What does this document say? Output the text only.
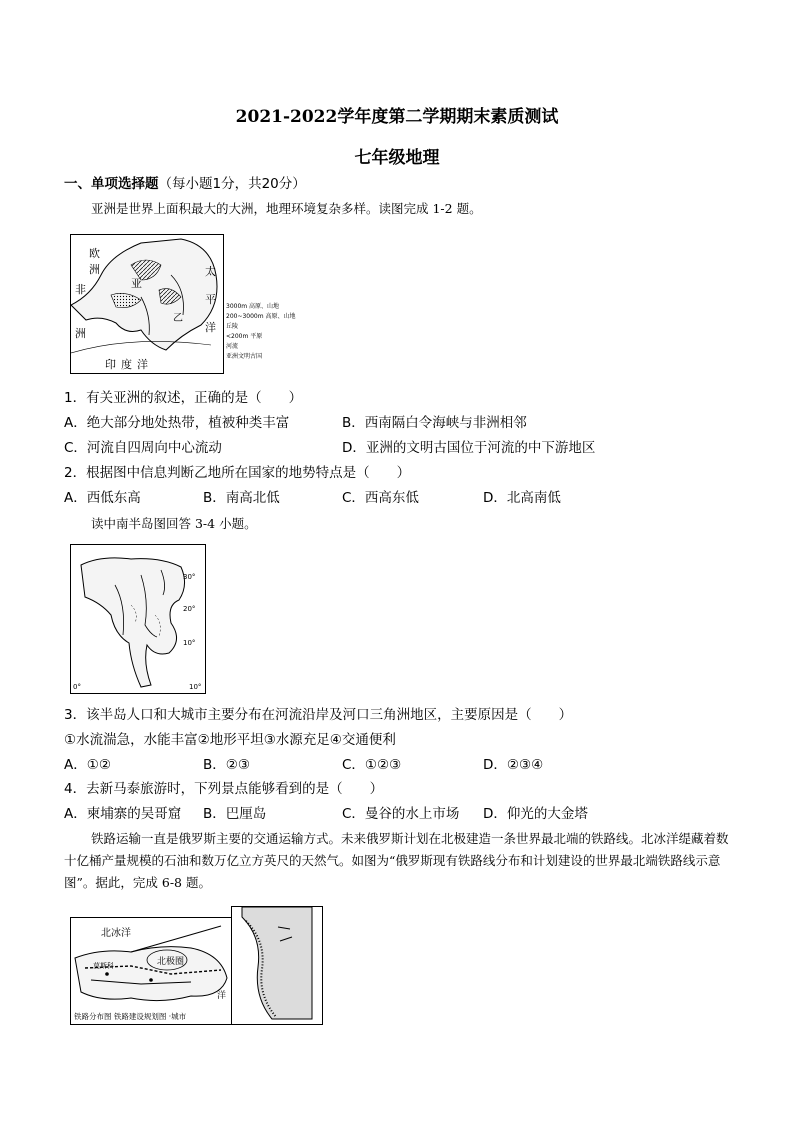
2021-2022学年度第二学期期末素质测试
七年级地理
一、单项选择题（每小题1分，共20分）
亚洲是世界上面积最大的大洲，地理环境复杂多样。读图完成 1-2 题。
欧
洲
非
洲
亚
太
平
洋
印 度 洋
乙
3000m 高原、山地
200~3000m 高原、山地 丘陵
<200m 平原
河流
亚洲文明古国
1．有关亚洲的叙述，正确的是（　　）
A．绝大部分地处热带，植被种类丰富	B．西南隔白令海峡与非洲相邻
C．河流自四周向中心流动	D．亚洲的文明古国位于河流的中下游地区
2．根据图中信息判断乙地所在国家的地势特点是（　　）
A．西低东高	B．南高北低	C．西高东低	D．北高南低
读中南半岛图回答 3-4 小题。
30°
20°
10°
0°	10°
3．该半岛人口和大城市主要分布在河流沿岸及河口三角洲地区，主要原因是（　　）
①水流湍急，水能丰富②地形平坦③水源充足④交通便利
A．①②	B．②③	C．①②③	D．②③④
4．去新马泰旅游时，下列景点能够看到的是（　　）
A．柬埔寨的吴哥窟 B．巴厘岛	C．曼谷的水上市场 D．仰光的大金塔
铁路运输一直是俄罗斯主要的交通运输方式。未来俄罗斯计划在北极建造一条世界最北端的铁路线。北冰洋缇藏着数十亿桶产量规模的石油和数万亿立方英尺的天然气。如图为“俄罗斯现有铁路线分布和计划建设的世界最北端铁路线示意图”。据此，完成 6-8 题。
北冰洋
莫斯科	北极圈
洋
铁路分布图 铁路建设规划图 ·城市
